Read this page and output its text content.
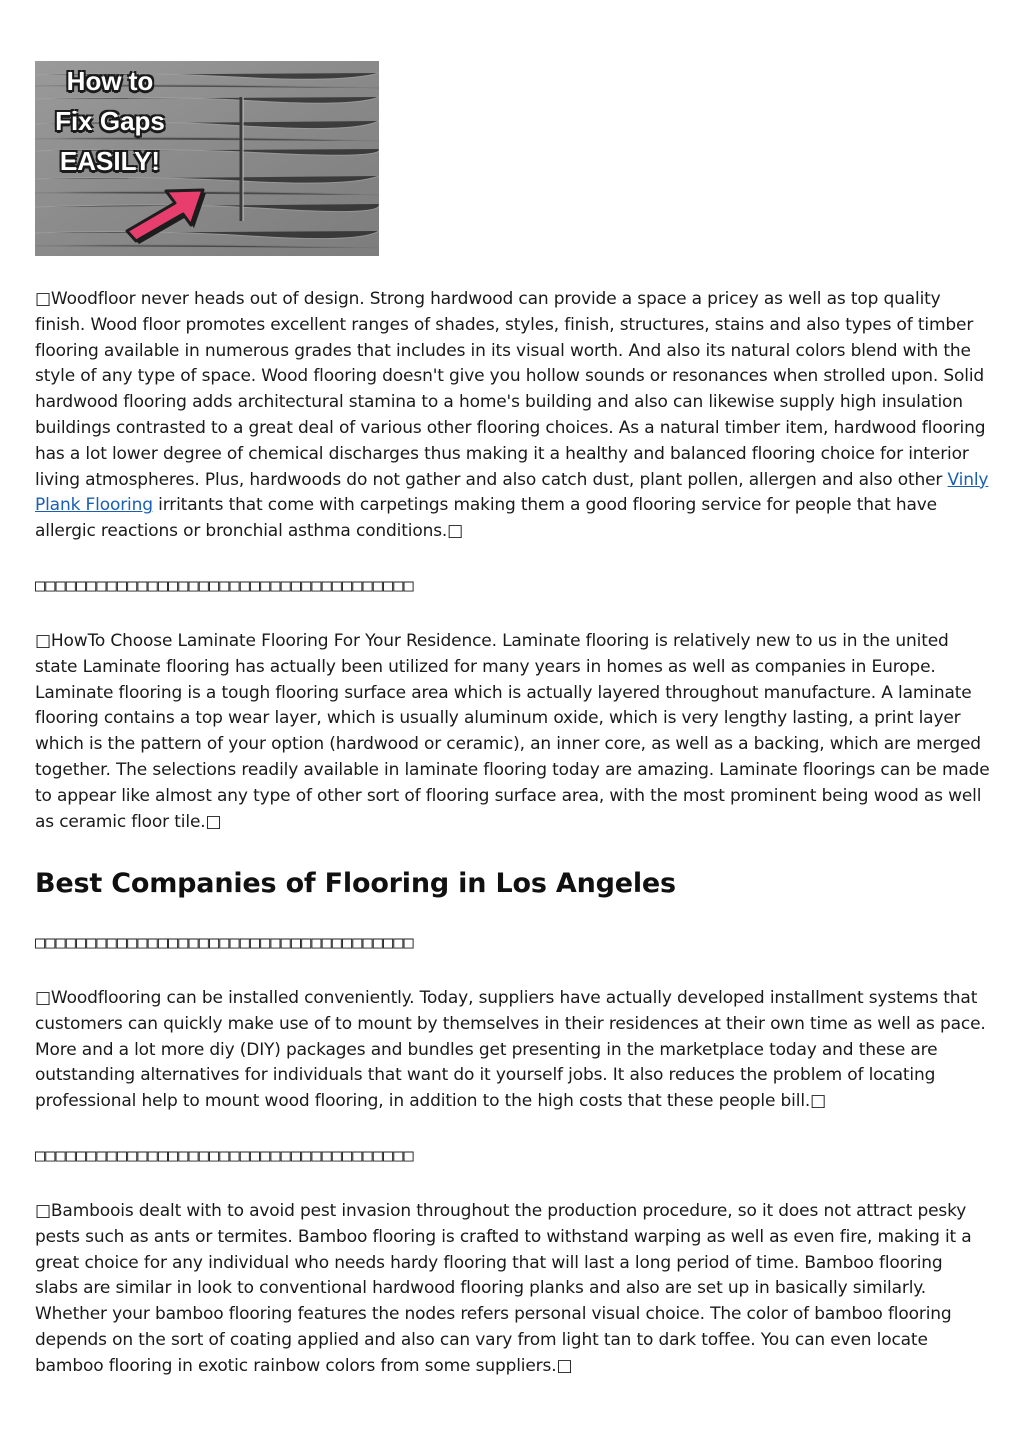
How to
Fix Gaps
EASILY!

□Woodfloor never heads out of design. Strong hardwood can provide a space a pricey as well as top quality finish. Wood floor promotes excellent ranges of shades, styles, finish, structures, stains and also types of timber flooring available in numerous grades that includes in its visual worth. And also its natural colors blend with the style of any type of space. Wood flooring doesn't give you hollow sounds or resonances when strolled upon. Solid hardwood flooring adds architectural stamina to a home's building and also can likewise supply high insulation buildings contrasted to a great deal of various other flooring choices. As a natural timber item, hardwood flooring has a lot lower degree of chemical discharges thus making it a healthy and balanced flooring choice for interior living atmospheres. Plus, hardwoods do not gather and also catch dust, plant pollen, allergen and also other Vinly Plank Flooring irritants that come with carpetings making them a good flooring service for people that have allergic reactions or bronchial asthma conditions.□

□□□□□□□□□□□□□□□□□□□□□□□□□□□□□□□□□□□□□

□HowTo Choose Laminate Flooring For Your Residence. Laminate flooring is relatively new to us in the united state Laminate flooring has actually been utilized for many years in homes as well as companies in Europe. Laminate flooring is a tough flooring surface area which is actually layered throughout manufacture. A laminate flooring contains a top wear layer, which is usually aluminum oxide, which is very lengthy lasting, a print layer which is the pattern of your option (hardwood or ceramic), an inner core, as well as a backing, which are merged together. The selections readily available in laminate flooring today are amazing. Laminate floorings can be made to appear like almost any type of other sort of flooring surface area, with the most prominent being wood as well as ceramic floor tile.□

Best Companies of Flooring in Los Angeles
□□□□□□□□□□□□□□□□□□□□□□□□□□□□□□□□□□□□□

□Woodflooring can be installed conveniently. Today, suppliers have actually developed installment systems that customers can quickly make use of to mount by themselves in their residences at their own time as well as pace. More and a lot more diy (DIY) packages and bundles get presenting in the marketplace today and these are outstanding alternatives for individuals that want do it yourself jobs. It also reduces the problem of locating professional help to mount wood flooring, in addition to the high costs that these people bill.□

□□□□□□□□□□□□□□□□□□□□□□□□□□□□□□□□□□□□□

□Bamboois dealt with to avoid pest invasion throughout the production procedure, so it does not attract pesky pests such as ants or termites. Bamboo flooring is crafted to withstand warping as well as even fire, making it a great choice for any individual who needs hardy flooring that will last a long period of time. Bamboo flooring slabs are similar in look to conventional hardwood flooring planks and also are set up in basically similarly. Whether your bamboo flooring features the nodes refers personal visual choice. The color of bamboo flooring depends on the sort of coating applied and also can vary from light tan to dark toffee. You can even locate bamboo flooring in exotic rainbow colors from some suppliers.□
